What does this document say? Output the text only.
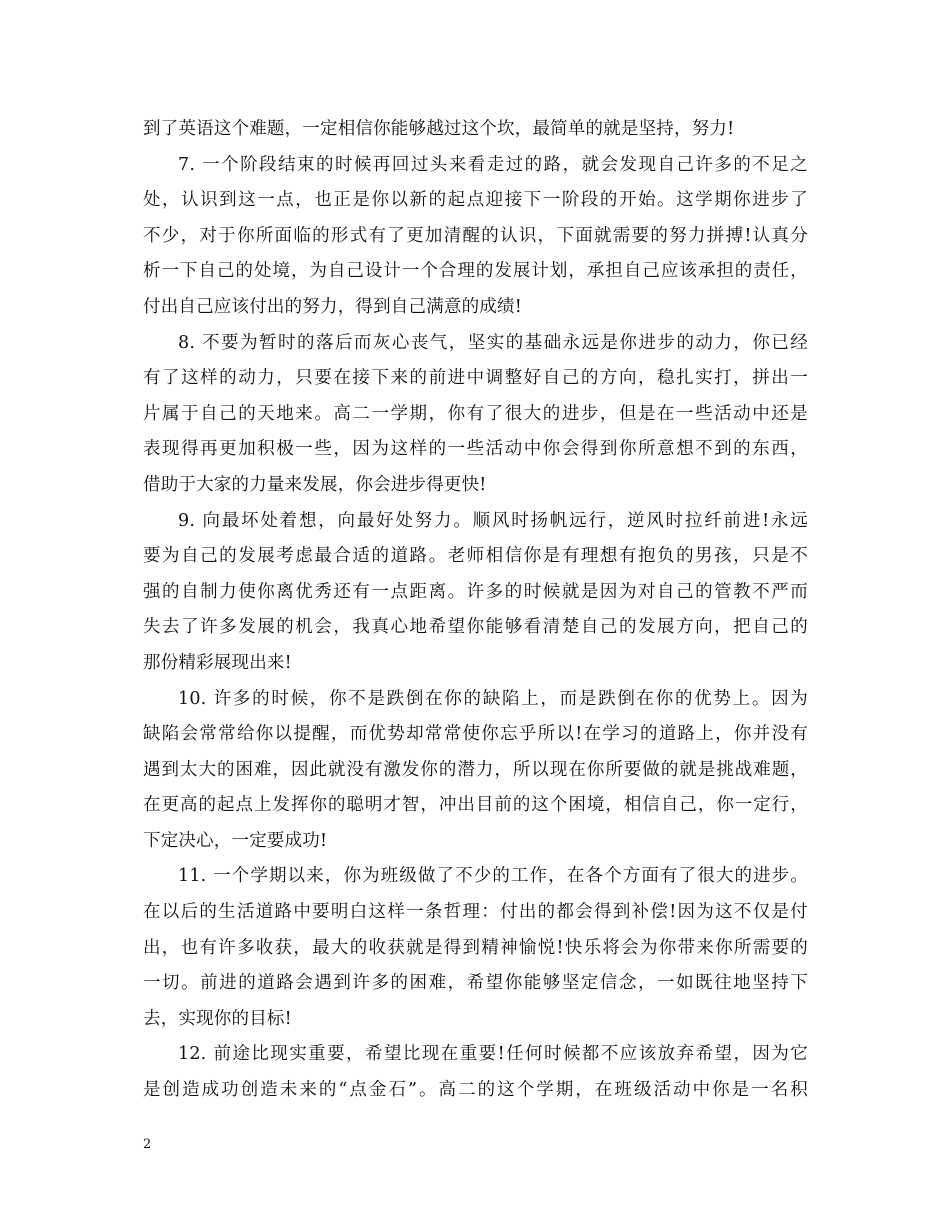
到了英语这个难题，一定相信你能够越过这个坎，最简单的就是坚持，努力!
7. 一个阶段结束的时候再回过头来看走过的路，就会发现自己许多的不足之
处，认识到这一点，也正是你以新的起点迎接下一阶段的开始。这学期你进步了
不少，对于你所面临的形式有了更加清醒的认识，下面就需要的努力拼搏!认真分
析一下自己的处境，为自己设计一个合理的发展计划，承担自己应该承担的责任，
付出自己应该付出的努力，得到自己满意的成绩!
8. 不要为暂时的落后而灰心丧气，坚实的基础永远是你进步的动力，你已经
有了这样的动力，只要在接下来的前进中调整好自己的方向，稳扎实打，拼出一
片属于自己的天地来。高二一学期，你有了很大的进步，但是在一些活动中还是
表现得再更加积极一些，因为这样的一些活动中你会得到你所意想不到的东西，
借助于大家的力量来发展，你会进步得更快!
9. 向最坏处着想，向最好处努力。顺风时扬帆远行，逆风时拉纤前进!永远
要为自己的发展考虑最合适的道路。老师相信你是有理想有抱负的男孩，只是不
强的自制力使你离优秀还有一点距离。许多的时候就是因为对自己的管教不严而
失去了许多发展的机会，我真心地希望你能够看清楚自己的发展方向，把自己的
那份精彩展现出来!
10. 许多的时候，你不是跌倒在你的缺陷上，而是跌倒在你的优势上。因为
缺陷会常常给你以提醒，而优势却常常使你忘乎所以!在学习的道路上，你并没有
遇到太大的困难，因此就没有激发你的潜力，所以现在你所要做的就是挑战难题，
在更高的起点上发挥你的聪明才智，冲出目前的这个困境，相信自己，你一定行，
下定决心，一定要成功!
11. 一个学期以来，你为班级做了不少的工作，在各个方面有了很大的进步。
在以后的生活道路中要明白这样一条哲理：付出的都会得到补偿!因为这不仅是付
出，也有许多收获，最大的收获就是得到精神愉悦!快乐将会为你带来你所需要的
一切。前进的道路会遇到许多的困难，希望你能够坚定信念，一如既往地坚持下
去，实现你的目标!
12. 前途比现实重要，希望比现在重要!任何时候都不应该放弃希望，因为它
是创造成功创造未来的“点金石”。高二的这个学期，在班级活动中你是一名积
2
